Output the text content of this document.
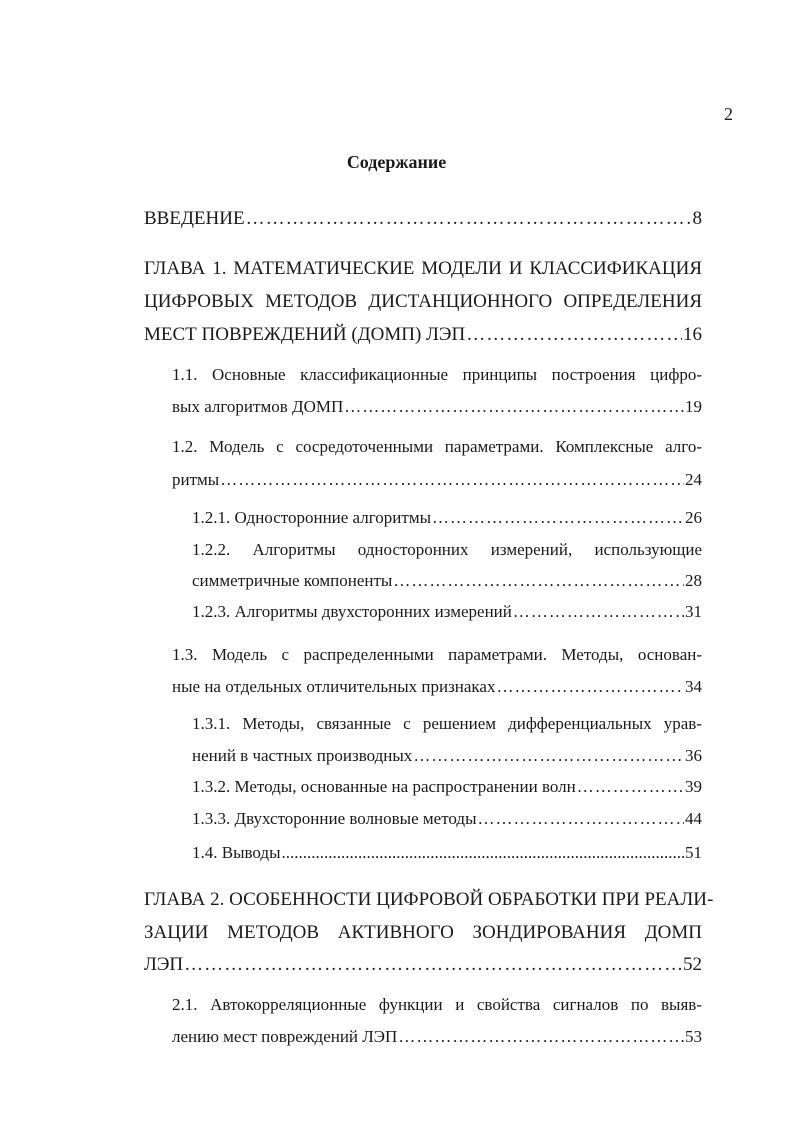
2
Содержание
ВВЕДЕНИЕ ………………………………………………………………………………………………………………………………………………	8
ГЛАВА 1. МАТЕМАТИЧЕСКИЕ МОДЕЛИ И КЛАССИФИКАЦИЯ
ЦИФРОВЫХ МЕТОДОВ ДИСТАНЦИОННОГО ОПРЕДЕЛЕНИЯ
МЕСТ ПОВРЕЖДЕНИЙ (ДОМП) ЛЭП ………………………………………………………………………………………………………………………………………………	16
1.1. Основные классификационные принципы построения цифро-
вых алгоритмов ДОМП ………………………………………………………………………………………………………………………………………………	19
1.2. Модель с сосредоточенными параметрами. Комплексные алго-
ритмы ………………………………………………………………………………………………………………………………………………	24
1.2.1. Односторонние алгоритмы ………………………………………………………………………………………………………………………………………………	26
1.2.2. Алгоритмы односторонних измерений, использующие
симметричные компоненты ………………………………………………………………………………………………………………………………………………	28
1.2.3. Алгоритмы двухсторонних измерений ………………………………………………………………………………………………………………………………………………	31
1.3. Модель с распределенными параметрами. Методы, основан-
ные на отдельных отличительных признаках ………………………………………………………………………………………………………………………………………………	34
1.3.1. Методы, связанные с решением дифференциальных урав-
нений в частных производных ………………………………………………………………………………………………………………………………………………	36
1.3.2. Методы, основанные на распространении волн ………………………………………………………………………………………………………………………………………………	39
1.3.3. Двухсторонние волновые методы ………………………………………………………………………………………………………………………………………………	44
1.4. Выводы .....	51
ГЛАВА 2. ОСОБЕННОСТИ ЦИФРОВОЙ ОБРАБОТКИ ПРИ РЕАЛИ-
ЗАЦИИ МЕТОДОВ АКТИВНОГО ЗОНДИРОВАНИЯ ДОМП
ЛЭП ………………………………………………………………………………………………………………………………………………	52
2.1. Автокорреляционные функции и свойства сигналов по выяв-
лению мест повреждений ЛЭП ………………………………………………………………………………………………………………………………………………	53
